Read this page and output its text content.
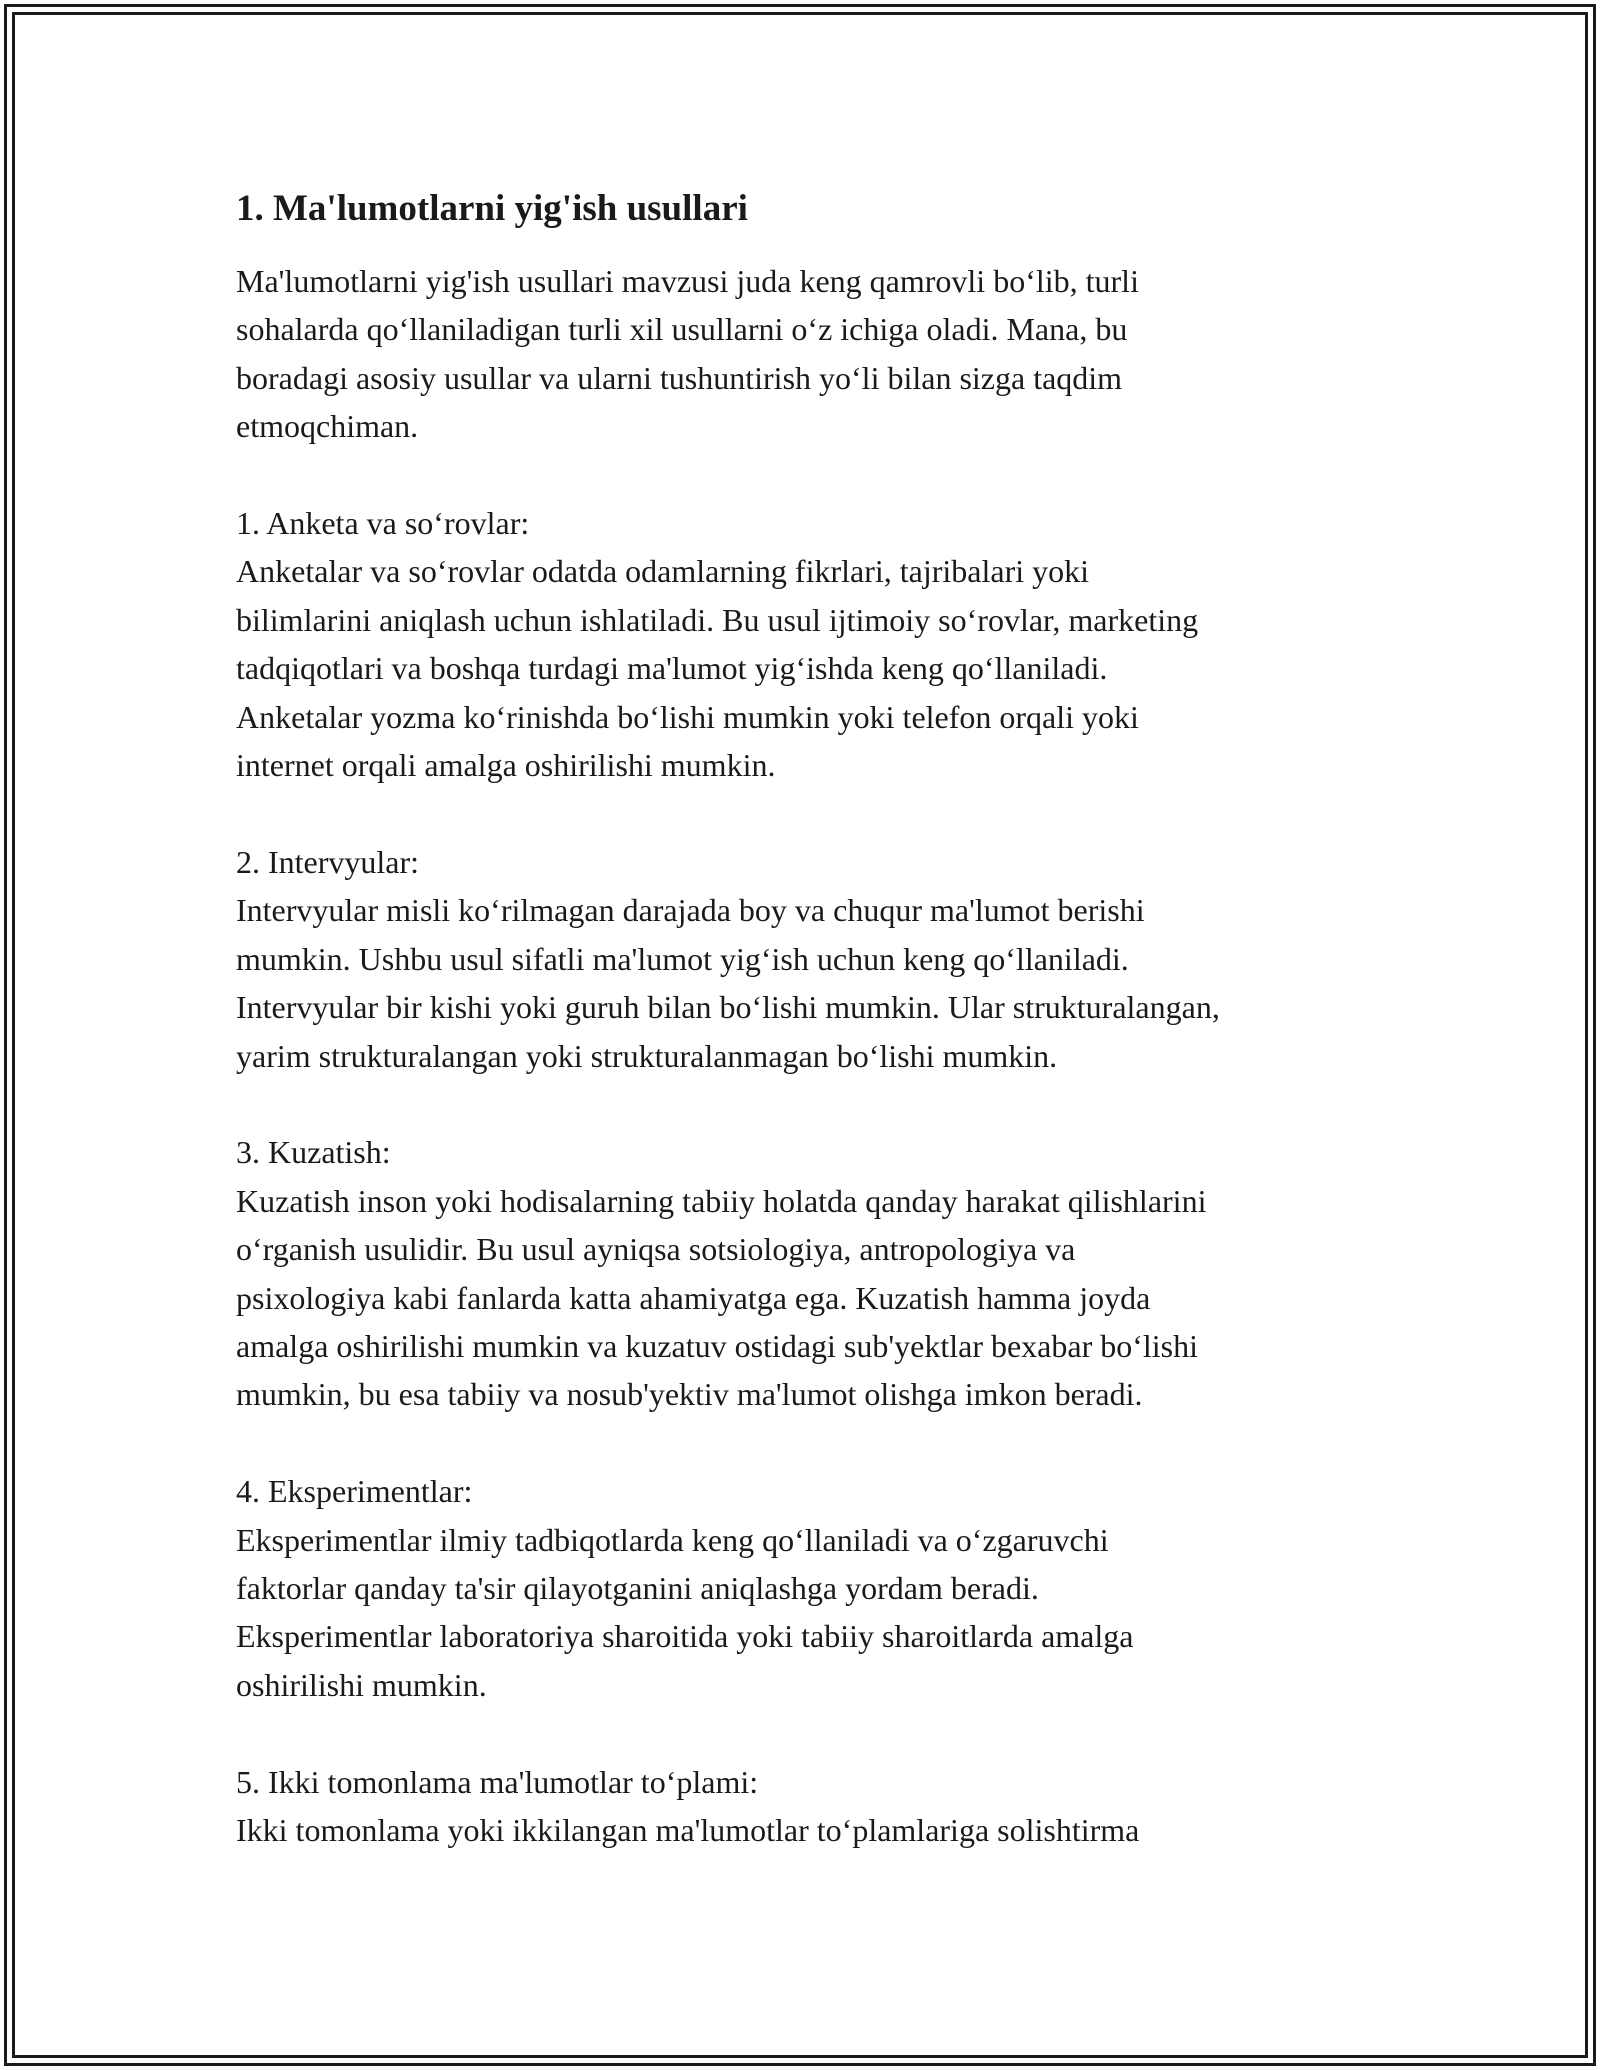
1. Ma'lumotlarni yig'ish usullari

Ma'lumotlarni yig'ish usullari mavzusi juda keng qamrovli bo‘lib, turli
sohalarda qo‘llaniladigan turli xil usullarni o‘z ichiga oladi. Mana, bu
boradagi asosiy usullar va ularni tushuntirish yo‘li bilan sizga taqdim
etmoqchiman.

1. Anketa va so‘rovlar:

Anketalar va so‘rovlar odatda odamlarning fikrlari, tajribalari yoki
bilimlarini aniqlash uchun ishlatiladi. Bu usul ijtimoiy so‘rovlar, marketing
tadqiqotlari va boshqa turdagi ma'lumot yig‘ishda keng qo‘llaniladi.
Anketalar yozma ko‘rinishda bo‘lishi mumkin yoki telefon orqali yoki
internet orqali amalga oshirilishi mumkin.

2. Intervyular:

Intervyular misli ko‘rilmagan darajada boy va chuqur ma'lumot berishi
mumkin. Ushbu usul sifatli ma'lumot yig‘ish uchun keng qo‘llaniladi.
Intervyular bir kishi yoki guruh bilan bo‘lishi mumkin. Ular strukturalangan,
yarim strukturalangan yoki strukturalanmagan bo‘lishi mumkin.

3. Kuzatish:

Kuzatish inson yoki hodisalarning tabiiy holatda qanday harakat qilishlarini
o‘rganish usulidir. Bu usul ayniqsa sotsiologiya, antropologiya va
psixologiya kabi fanlarda katta ahamiyatga ega. Kuzatish hamma joyda
amalga oshirilishi mumkin va kuzatuv ostidagi sub'yektlar bexabar bo‘lishi
mumkin, bu esa tabiiy va nosub'yektiv ma'lumot olishga imkon beradi.

4. Eksperimentlar:

Eksperimentlar ilmiy tadbiqotlarda keng qo‘llaniladi va o‘zgaruvchi
faktorlar qanday ta'sir qilayotganini aniqlashga yordam beradi.
Eksperimentlar laboratoriya sharoitida yoki tabiiy sharoitlarda amalga
oshirilishi mumkin.

5. Ikki tomonlama ma'lumotlar to‘plami:

Ikki tomonlama yoki ikkilangan ma'lumotlar to‘plamlariga solishtirma
